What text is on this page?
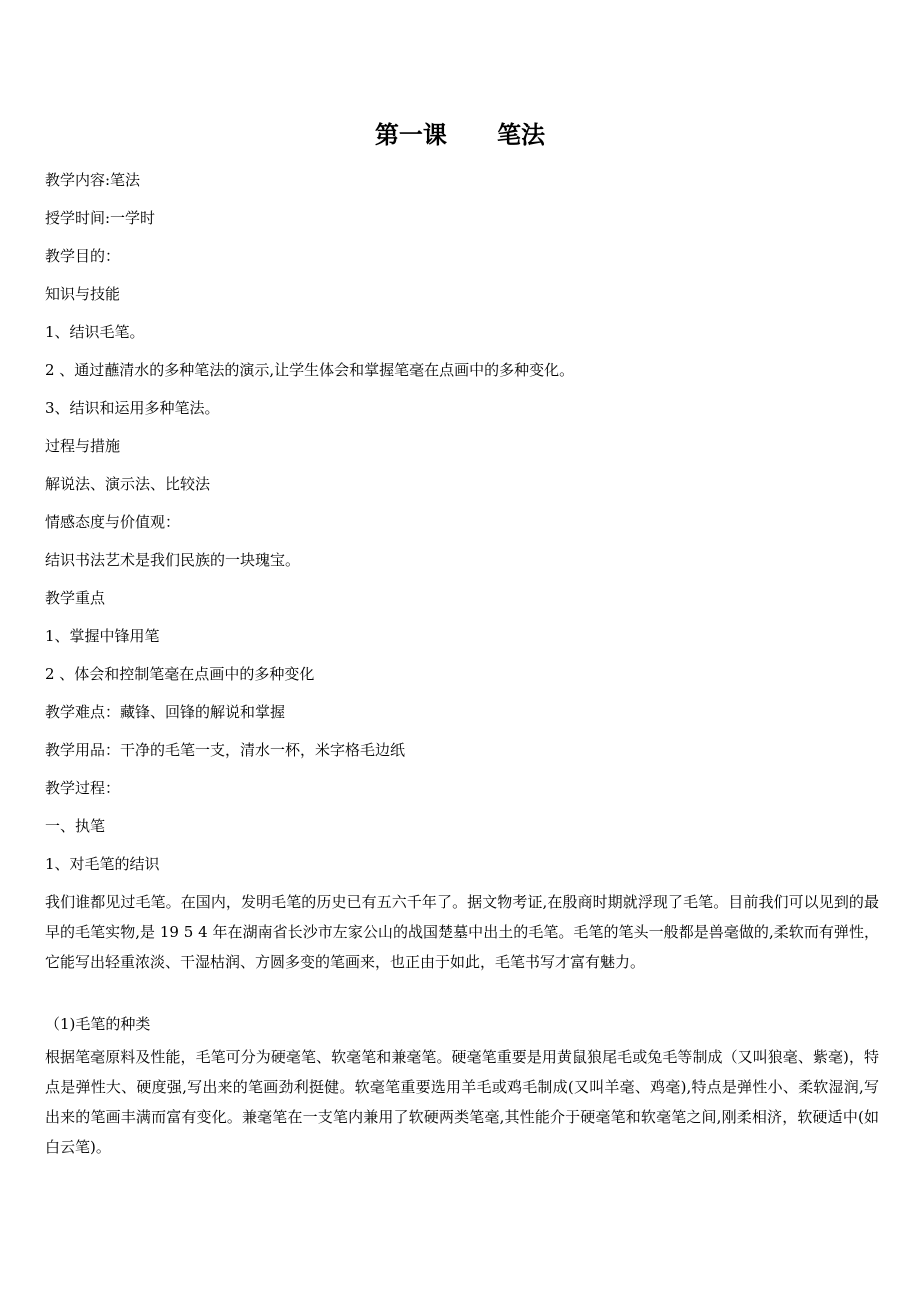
第一课      笔法
教学内容:笔法
授学时间:一学时
教学目的：
知识与技能
1、结识毛笔。
2 、通过蘸清水的多种笔法的演示,让学生体会和掌握笔毫在点画中的多种变化。
3、结识和运用多种笔法。
过程与措施
解说法、演示法、比较法
情感态度与价值观：
结识书法艺术是我们民族的一块瑰宝。
教学重点
1、掌握中锋用笔
2 、体会和控制笔毫在点画中的多种变化
教学难点：藏锋、回锋的解说和掌握
教学用品：干净的毛笔一支，清水一杯，米字格毛边纸
教学过程：
一、执笔
1、对毛笔的结识
我们谁都见过毛笔。在国内，发明毛笔的历史已有五六千年了。据文物考证,在殷商时期就浮现了毛笔。目前我们可以见到的最早的毛笔实物,是 19 5 4 年在湖南省长沙市左家公山的战国楚墓中出土的毛笔。毛笔的笔头一般都是兽毫做的,柔软而有弹性，它能写出轻重浓淡、干湿枯润、方圆多变的笔画来，也正由于如此，毛笔书写才富有魅力。
（1)毛笔的种类
根据笔毫原料及性能，毛笔可分为硬毫笔、软毫笔和兼毫笔。硬毫笔重要是用黄鼠狼尾毛或兔毛等制成（又叫狼毫、紫毫)，特点是弹性大、硬度强,写出来的笔画劲利挺健。软毫笔重要选用羊毛或鸡毛制成(又叫羊毫、鸡毫),特点是弹性小、柔软湿润,写出来的笔画丰满而富有变化。兼毫笔在一支笔内兼用了软硬两类笔毫,其性能介于硬毫笔和软毫笔之间,刚柔相济，软硬适中(如白云笔)。
